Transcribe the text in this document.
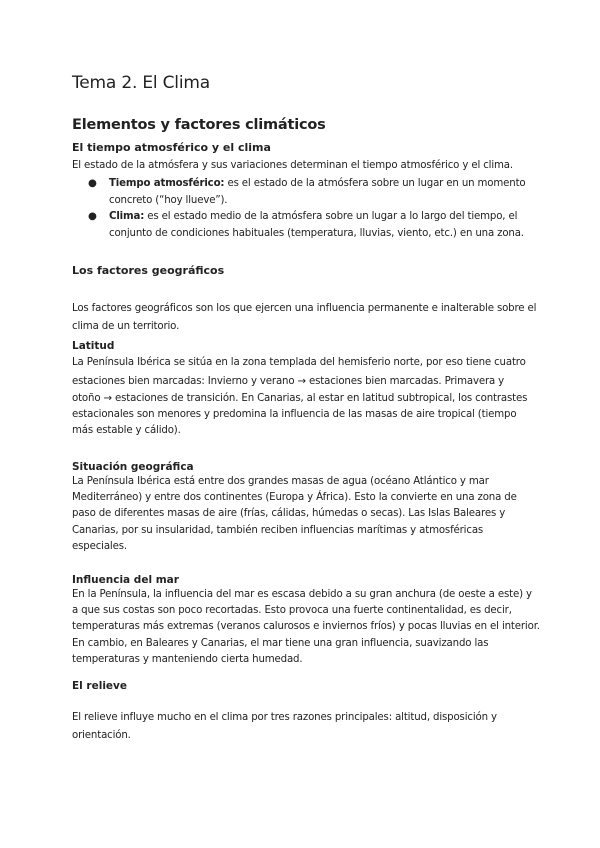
Tema 2. El Clima
Elementos y factores climáticos
El tiempo atmosférico y el clima

El estado de la atmósfera y sus variaciones determinan el tiempo atmosférico y el clima.

● Tiempo atmosférico: es el estado de la atmósfera sobre un lugar en un momento concreto (“hoy llueve”).
● Clima: es el estado medio de la atmósfera sobre un lugar a lo largo del tiempo, el conjunto de condiciones habituales (temperatura, lluvias, viento, etc.) en una zona.
Los factores geográficos

Los factores geográficos son los que ejercen una influencia permanente e inalterable sobre el clima de un territorio.

Latitud

La Península Ibérica se sitúa en la zona templada del hemisferio norte, por eso tiene cuatro

estaciones bien marcadas: Invierno y verano → estaciones bien marcadas. Primavera y

otoño → estaciones de transición. En Canarias, al estar en latitud subtropical, los contrastes estacionales son menores y predomina la influencia de las masas de aire tropical (tiempo más estable y cálido).

Situación geográfica

La Península Ibérica está entre dos grandes masas de agua (océano Atlántico y mar Mediterráneo) y entre dos continentes (Europa y África). Esto la convierte en una zona de paso de diferentes masas de aire (frías, cálidas, húmedas o secas). Las Islas Baleares y Canarias, por su insularidad, también reciben influencias marítimas y atmosféricas especiales.

Influencia del mar

En la Península, la influencia del mar es escasa debido a su gran anchura (de oeste a este) y a que sus costas son poco recortadas. Esto provoca una fuerte continentalidad, es decir, temperaturas más extremas (veranos calurosos e inviernos fríos) y pocas lluvias en el interior. En cambio, en Baleares y Canarias, el mar tiene una gran influencia, suavizando las temperaturas y manteniendo cierta humedad.

El relieve

El relieve influye mucho en el clima por tres razones principales: altitud, disposición y orientación.
